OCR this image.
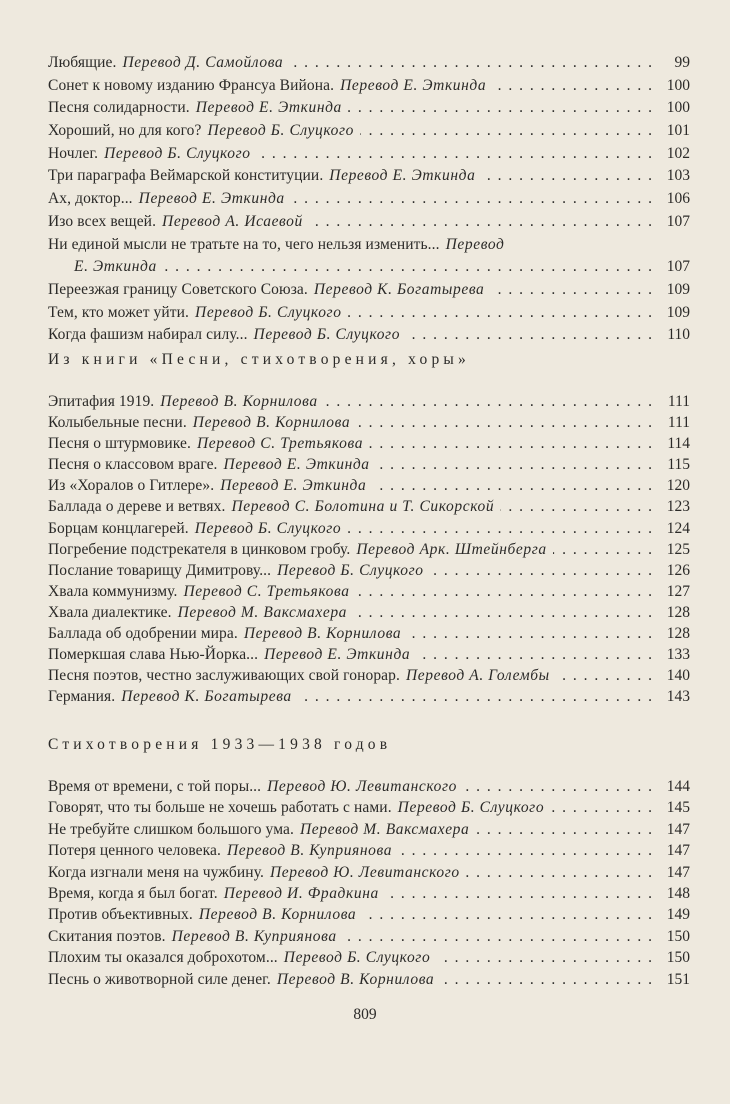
Любящие. Перевод Д. Самойлова . . .	99
Сонет к новому изданию Франсуа Вийона. Перевод Е. Эткинда . . .	100
Песня солидарности. Перевод Е. Эткинда . . .	100
Хороший, но для кого? Перевод Б. Слуцкого . . .	101
Ночлег. Перевод Б. Слуцкого . . .	102
Три параграфа Веймарской конституции. Перевод Е. Эткинда . . .	103
Ах, доктор... Перевод Е. Эткинда . . .	106
Изо всех вещей. Перевод А. Исаевой . . .	107
Ни единой мысли не тратьте на то, чего нельзя изменить... Перевод
Е. Эткинда . . .	107
Переезжая границу Советского Союза. Перевод К. Богатырева . . .	109
Тем, кто может уйти. Перевод Б. Слуцкого . . .	109
Когда фашизм набирал силу... Перевод Б. Слуцкого . . .	110
Из книги «Песни, стихотворения, хоры»
Эпитафия 1919. Перевод В. Корнилова . . .	111
Колыбельные песни. Перевод В. Корнилова . . .	111
Песня о штурмовике. Перевод С. Третьякова . . .	114
Песня о классовом враге. Перевод Е. Эткинда . . .	115
Из «Хоралов о Гитлере». Перевод Е. Эткинда . . .	120
Баллада о дереве и ветвях. Перевод С. Болотина и Т. Сикорской . . .	123
Борцам концлагерей. Перевод Б. Слуцкого . . .	124
Погребение подстрекателя в цинковом гробу. Перевод Арк. Штейнберга . . .	125
Послание товарищу Димитрову... Перевод Б. Слуцкого . . .	126
Хвала коммунизму. Перевод С. Третьякова . . .	127
Хвала диалектике. Перевод М. Ваксмахера . . .	128
Баллада об одобрении мира. Перевод В. Корнилова . . .	128
Померкшая слава Нью-Йорка... Перевод Е. Эткинда . . .	133
Песня поэтов, честно заслуживающих свой гонорар. Перевод А. Голембы . . .	140
Германия. Перевод К. Богатырева . . .	143
Стихотворения 1933—1938 годов
Время от времени, с той поры... Перевод Ю. Левитанского . . .	144
Говорят, что ты больше не хочешь работать с нами. Перевод Б. Слуцкого . . .	145
Не требуйте слишком большого ума. Перевод М. Ваксмахера . . .	147
Потеря ценного человека. Перевод В. Куприянова . . .	147
Когда изгнали меня на чужбину. Перевод Ю. Левитанского . . .	147
Время, когда я был богат. Перевод И. Фрадкина . . .	148
Против объективных. Перевод В. Корнилова . . .	149
Скитания поэтов. Перевод В. Куприянова . . .	150
Плохим ты оказался доброхотом... Перевод Б. Слуцкого . . .	150
Песнь о животворной силе денег. Перевод В. Корнилова . . .	151
809
